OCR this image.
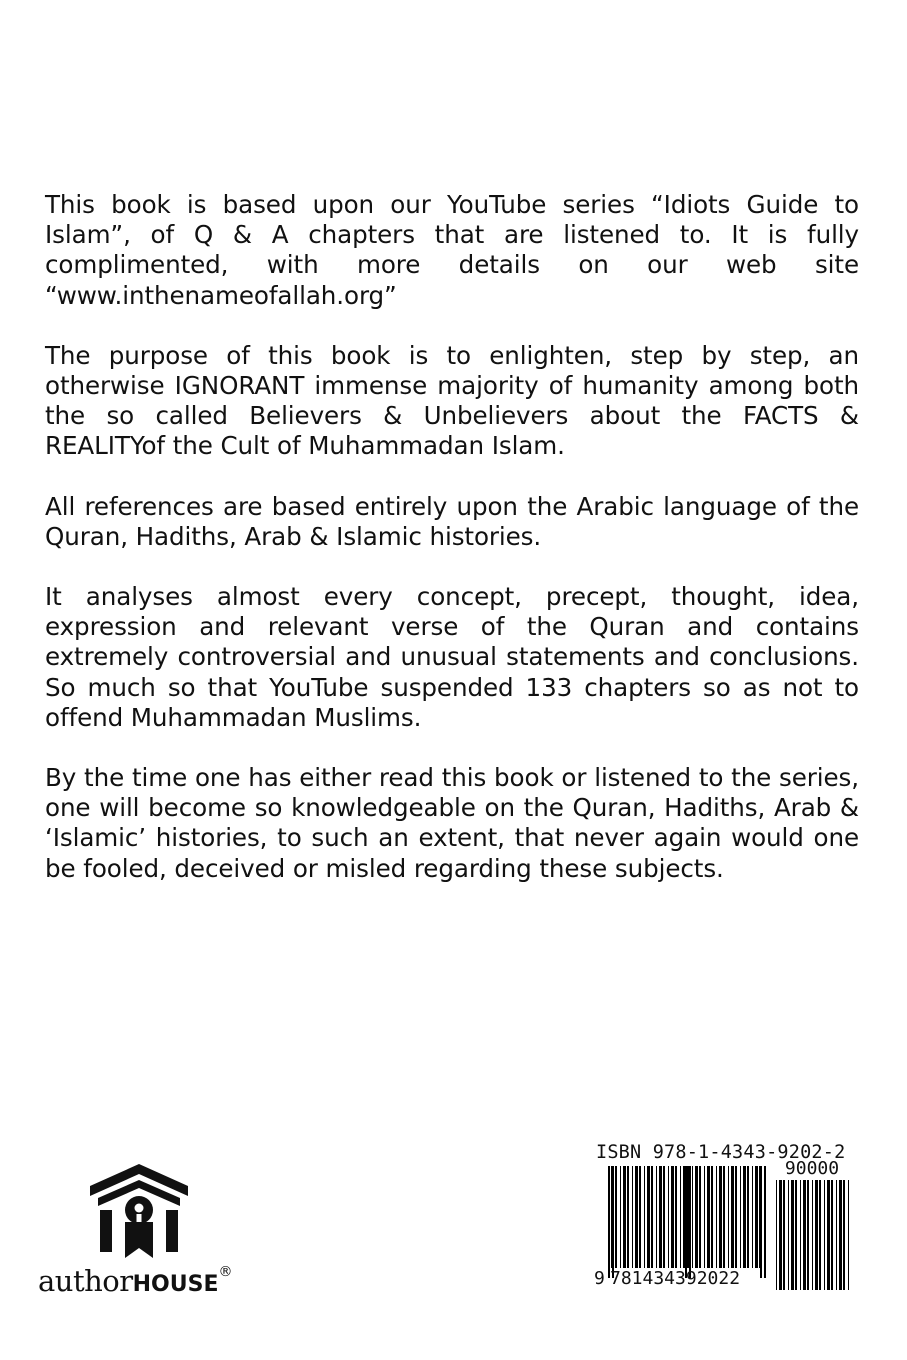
This book is based upon our YouTube series “Idiots Guide to Islam”, of Q & A chapters that are listened to. It is fully complimented, with more details on our web site “www.inthenameofallah.org”

The purpose of this book is to enlighten, step by step, an otherwise IGNORANT immense majority of humanity among both the so called Believers & Unbelievers about the FACTS & REALITYof the Cult of Muhammadan Islam.

All references are based entirely upon the Arabic language of the Quran, Hadiths, Arab & Islamic histories.

It analyses almost every concept, precept, thought, idea, expression and relevant verse of the Quran and contains extremely controversial and unusual statements and conclusions. So much so that YouTube suspended 133 chapters so as not to offend Muhammadan Muslims.

By the time one has either read this book or listened to the series, one will become so knowledgeable on the Quran, Hadiths, Arab & ‘Islamic’ histories, to such an extent, that never again would one be fooled, deceived or misled regarding these subjects.

authorHOUSE®
ISBN 978-1-4343-9202-2
90000
9 781434392022
